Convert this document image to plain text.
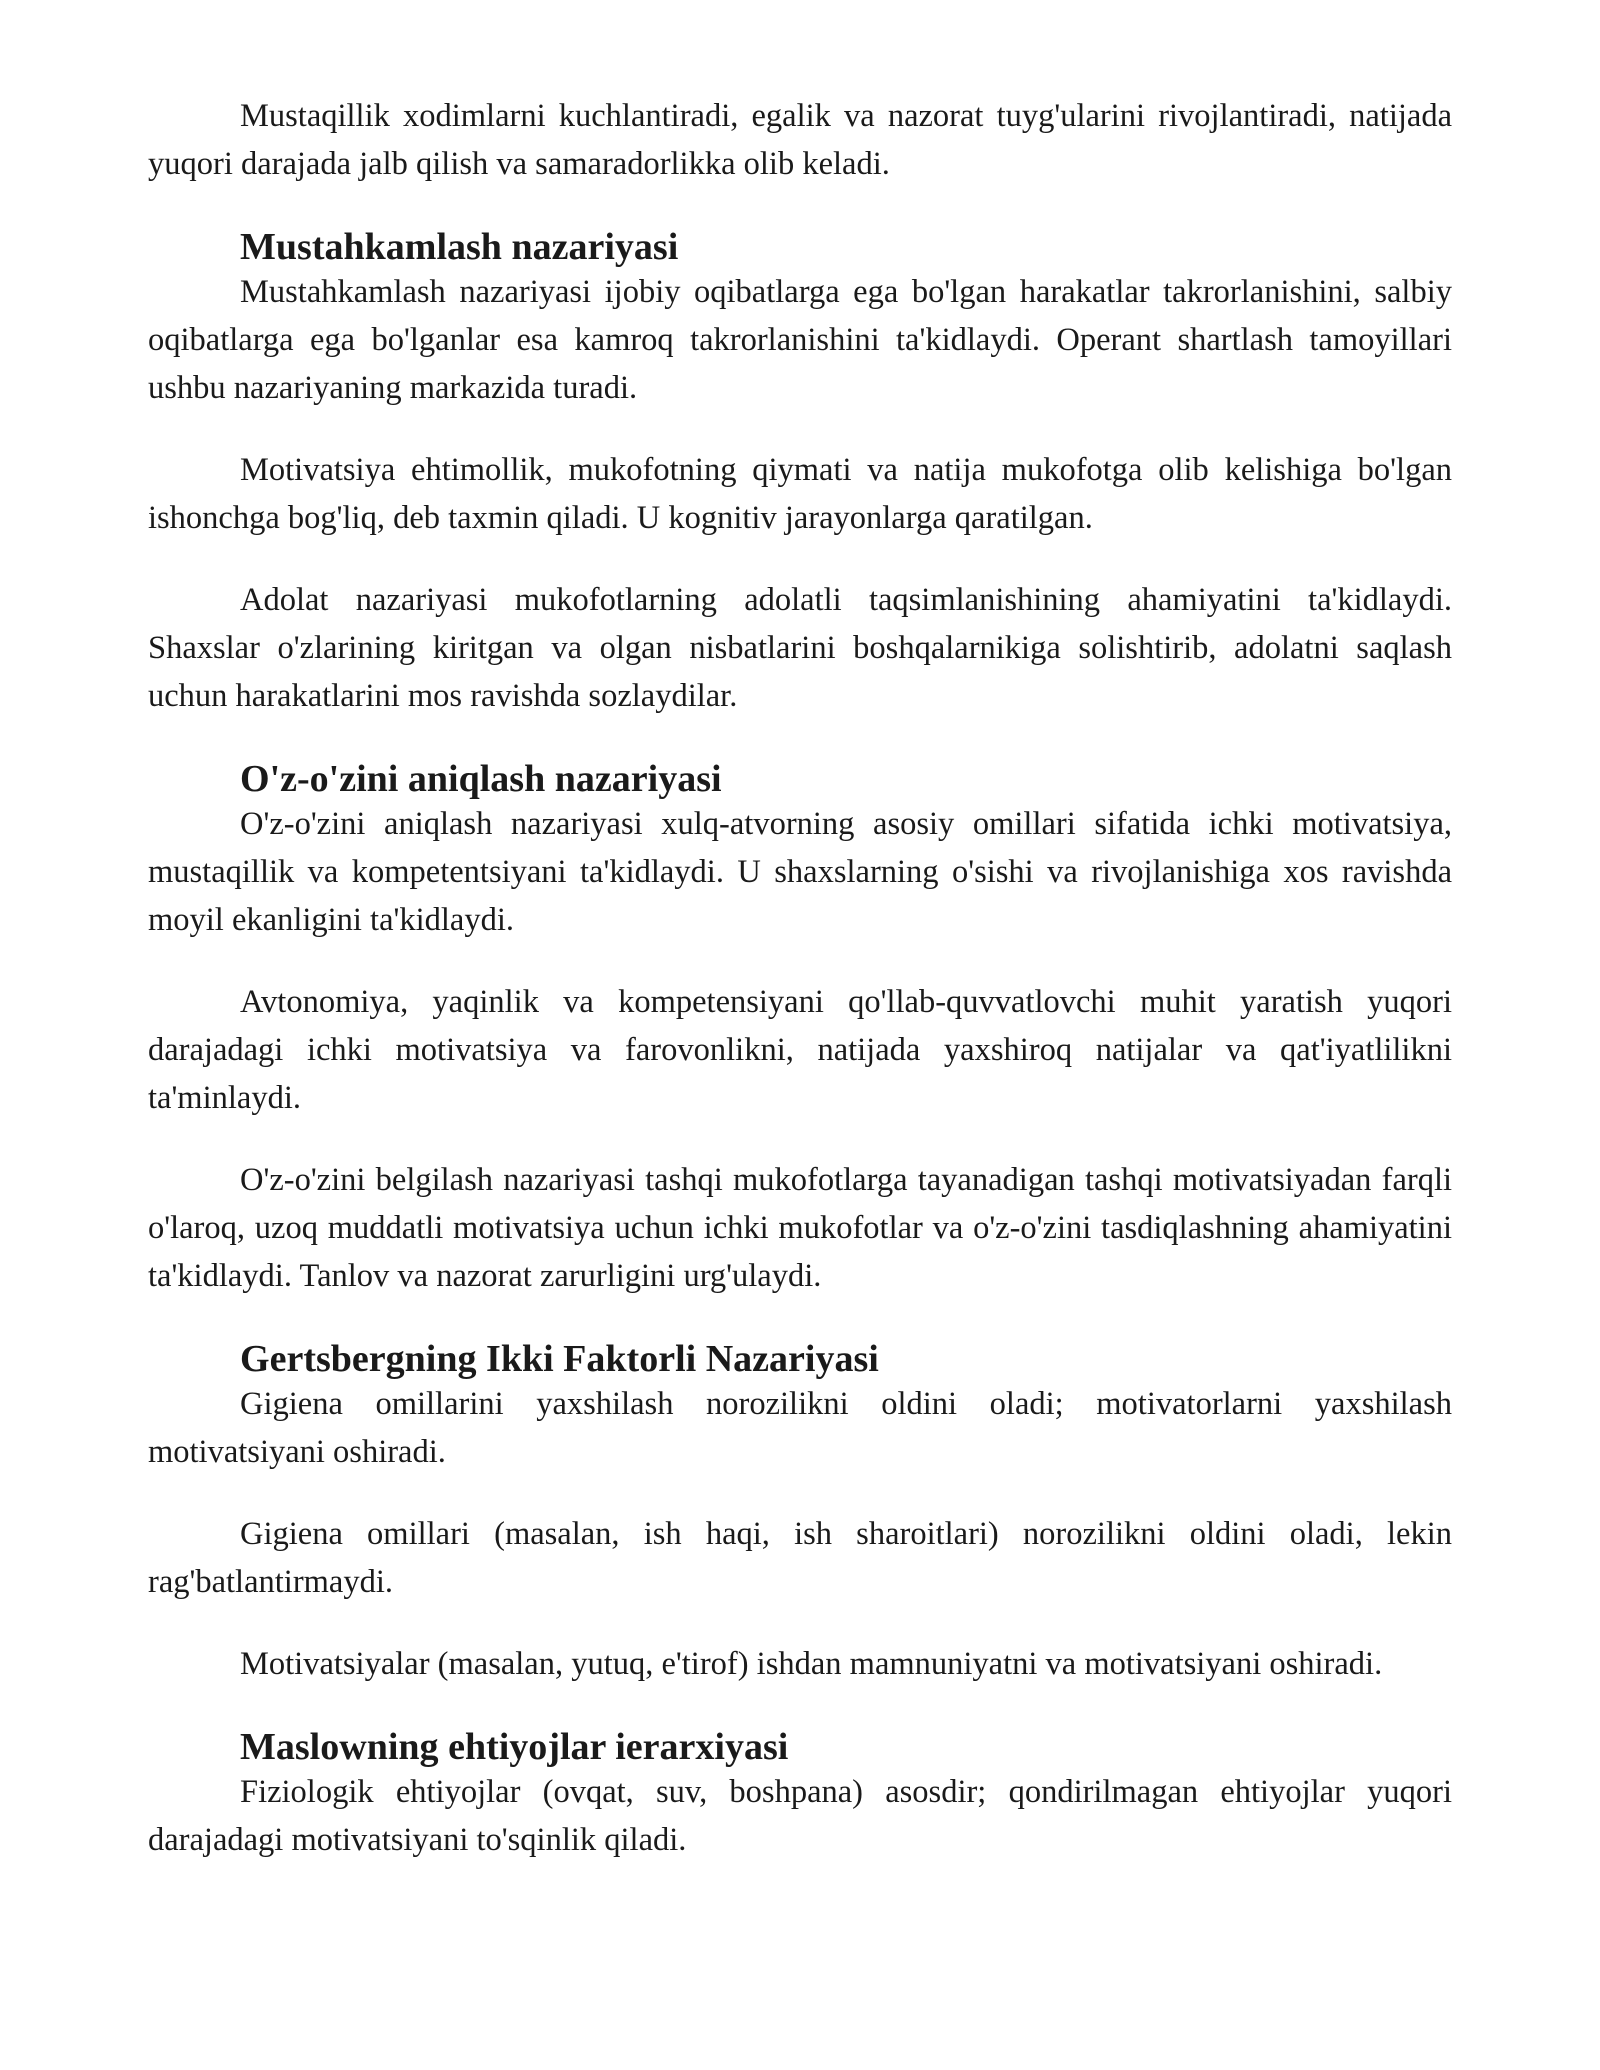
Mustaqillik xodimlarni kuchlantiradi, egalik va nazorat tuyg'ularini rivojlantiradi, natijada yuqori darajada jalb qilish va samaradorlikka olib keladi.

Mustahkamlash nazariyasi

Mustahkamlash nazariyasi ijobiy oqibatlarga ega bo'lgan harakatlar takrorlanishini, salbiy oqibatlarga ega bo'lganlar esa kamroq takrorlanishini ta'kidlaydi. Operant shartlash tamoyillari ushbu nazariyaning markazida turadi.

Motivatsiya ehtimollik, mukofotning qiymati va natija mukofotga olib kelishiga bo'lgan ishonchga bog'liq, deb taxmin qiladi. U kognitiv jarayonlarga qaratilgan.

Adolat nazariyasi mukofotlarning adolatli taqsimlanishining ahamiyatini ta'kidlaydi. Shaxslar o'zlarining kiritgan va olgan nisbatlarini boshqalarnikiga solishtirib, adolatni saqlash uchun harakatlarini mos ravishda sozlaydilar.

O'z-o'zini aniqlash nazariyasi

O'z-o'zini aniqlash nazariyasi xulq-atvorning asosiy omillari sifatida ichki motivatsiya, mustaqillik va kompetentsiyani ta'kidlaydi. U shaxslarning o'sishi va rivojlanishiga xos ravishda moyil ekanligini ta'kidlaydi.

Avtonomiya, yaqinlik va kompetensiyani qo'llab-quvvatlovchi muhit yaratish yuqori darajadagi ichki motivatsiya va farovonlikni, natijada yaxshiroq natijalar va qat'iyatlilikni ta'minlaydi.

O'z-o'zini belgilash nazariyasi tashqi mukofotlarga tayanadigan tashqi motivatsiyadan farqli o'laroq, uzoq muddatli motivatsiya uchun ichki mukofotlar va o'z-o'zini tasdiqlashning ahamiyatini ta'kidlaydi. Tanlov va nazorat zarurligini urg'ulaydi.

Gertsbergning Ikki Faktorli Nazariyasi

Gigiena omillarini yaxshilash norozilikni oldini oladi; motivatorlarni yaxshilash motivatsiyani oshiradi.

Gigiena omillari (masalan, ish haqi, ish sharoitlari) norozilikni oldini oladi, lekin rag'batlantirmaydi.

Motivatsiyalar (masalan, yutuq, e'tirof) ishdan mamnuniyatni va motivatsiyani oshiradi.

Maslowning ehtiyojlar ierarxiyasi

Fiziologik ehtiyojlar (ovqat, suv, boshpana) asosdir; qondirilmagan ehtiyojlar yuqori darajadagi motivatsiyani to'sqinlik qiladi.
